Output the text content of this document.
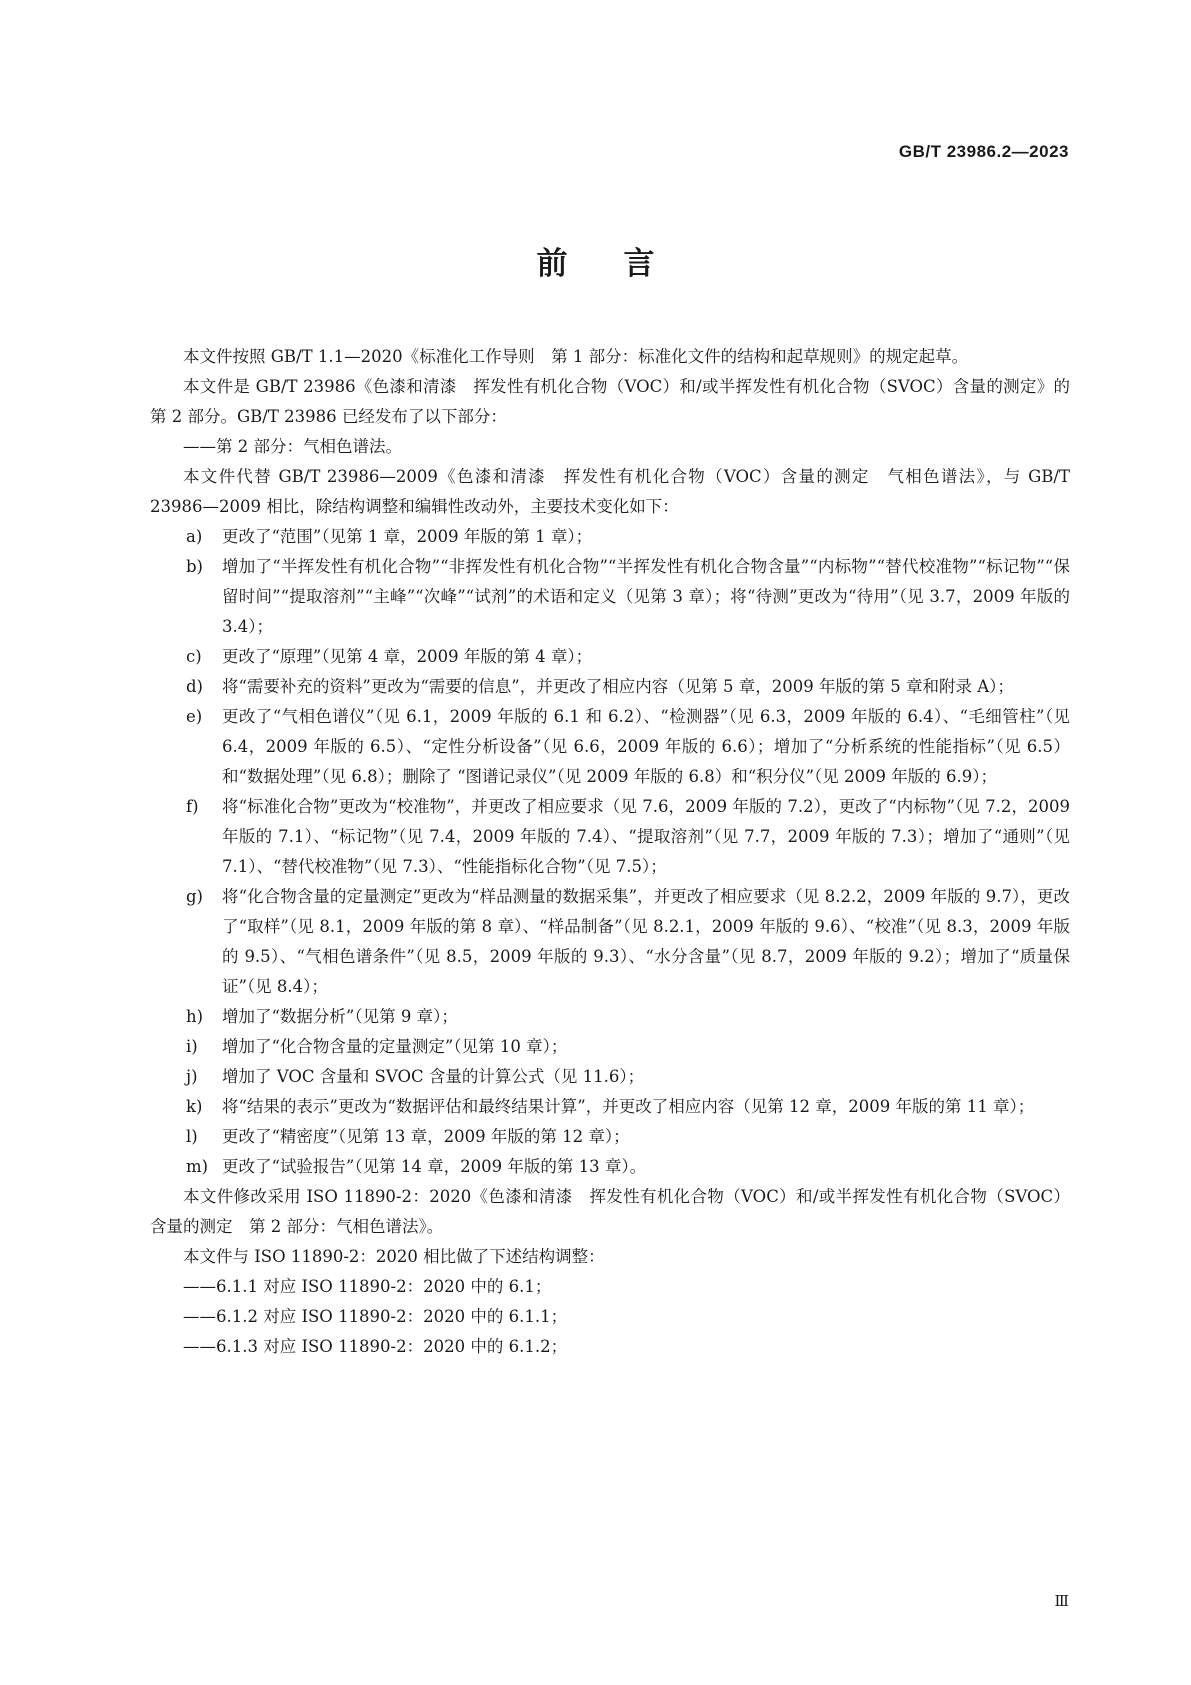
GB/T 23986.2—2023
前言

本文件按照 GB/T 1.1—2020《标准化工作导则　第 1 部分：标准化文件的结构和起草规则》的规定起草。

本文件是 GB/T 23986《色漆和清漆　挥发性有机化合物（VOC）和/或半挥发性有机化合物（SVOC）含量的测定》的第 2 部分。GB/T 23986 已经发布了以下部分：

——第 2 部分：气相色谱法。

本文件代替 GB/T 23986—2009《色漆和清漆　挥发性有机化合物（VOC）含量的测定　气相色谱法》，与 GB/T 23986—2009 相比，除结构调整和编辑性改动外，主要技术变化如下：

a) 更改了“范围”（见第 1 章，2009 年版的第 1 章）；
b) 增加了“半挥发性有机化合物”“非挥发性有机化合物”“半挥发性有机化合物含量”“内标物”“替代校准物”“标记物”“保留时间”“提取溶剂”“主峰”“次峰”“试剂”的术语和定义（见第 3 章）；将“待测”更改为“待用”（见 3.7，2009 年版的 3.4）；
c) 更改了“原理”（见第 4 章，2009 年版的第 4 章）；
d) 将“需要补充的资料”更改为“需要的信息”，并更改了相应内容（见第 5 章，2009 年版的第 5 章和附录 A）；
e) 更改了“气相色谱仪”（见 6.1，2009 年版的 6.1 和 6.2）、“检测器”（见 6.3，2009 年版的 6.4）、“毛细管柱”（见 6.4，2009 年版的 6.5）、“定性分析设备”（见 6.6，2009 年版的 6.6）；增加了“分析系统的性能指标”（见 6.5）和“数据处理”（见 6.8）；删除了 “图谱记录仪”（见 2009 年版的 6.8）和“积分仪”（见 2009 年版的 6.9）；
f) 将“标准化合物”更改为“校准物”，并更改了相应要求（见 7.6，2009 年版的 7.2），更改了“内标物”（见 7.2，2009 年版的 7.1）、“标记物”（见 7.4，2009 年版的 7.4）、“提取溶剂”（见 7.7，2009 年版的 7.3）；增加了“通则”（见 7.1）、“替代校准物”（见 7.3）、“性能指标化合物”（见 7.5）；
g) 将“化合物含量的定量测定”更改为“样品测量的数据采集”，并更改了相应要求（见 8.2.2，2009 年版的 9.7），更改了“取样”（见 8.1，2009 年版的第 8 章）、“样品制备”（见 8.2.1，2009 年版的 9.6）、“校准”（见 8.3，2009 年版的 9.5）、“气相色谱条件”（见 8.5，2009 年版的 9.3）、“水分含量”（见 8.7，2009 年版的 9.2）；增加了“质量保证”（见 8.4）；
h) 增加了“数据分析”（见第 9 章）；
i) 增加了“化合物含量的定量测定”（见第 10 章）；
j) 增加了 VOC 含量和 SVOC 含量的计算公式（见 11.6）；
k) 将“结果的表示”更改为“数据评估和最终结果计算”，并更改了相应内容（见第 12 章，2009 年版的第 11 章）；
l) 更改了“精密度”（见第 13 章，2009 年版的第 12 章）；
m) 更改了“试验报告”（见第 14 章，2009 年版的第 13 章）。

本文件修改采用 ISO 11890-2：2020《色漆和清漆　挥发性有机化合物（VOC）和/或半挥发性有机化合物（SVOC）含量的测定　第 2 部分：气相色谱法》。

本文件与 ISO 11890-2：2020 相比做了下述结构调整：

——6.1.1 对应 ISO 11890-2：2020 中的 6.1；

——6.1.2 对应 ISO 11890-2：2020 中的 6.1.1；

——6.1.3 对应 ISO 11890-2：2020 中的 6.1.2；

Ⅲ
